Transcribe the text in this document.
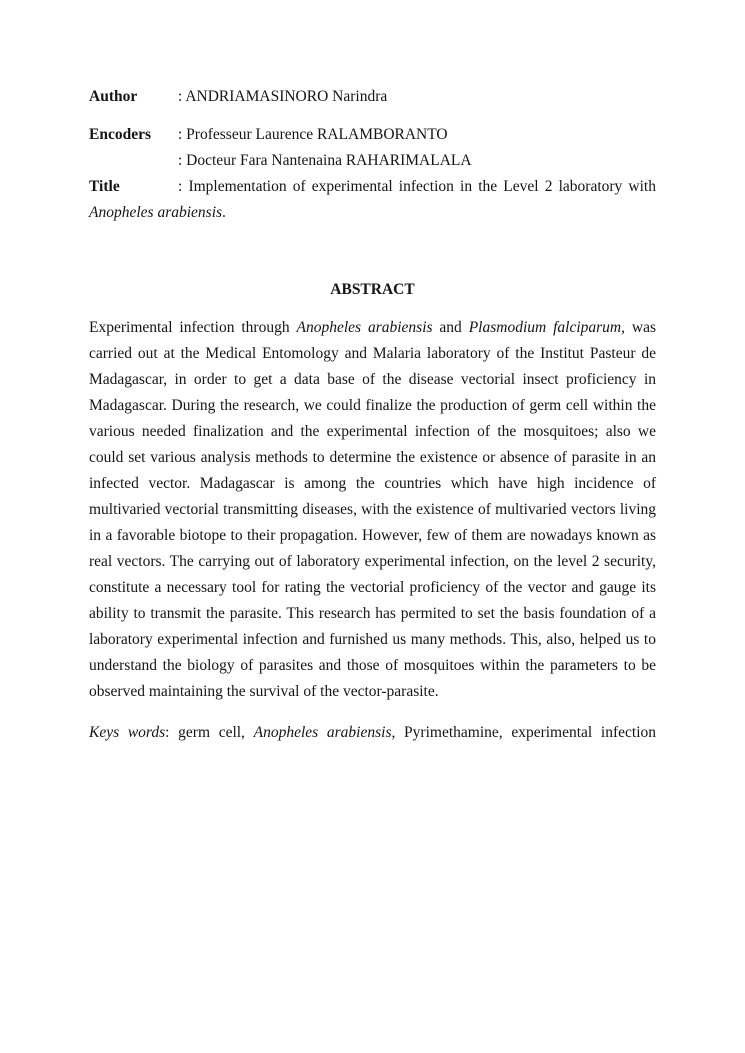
Author	: ANDRIAMASINORO Narindra

Encoders : Professeur Laurence RALAMBORANTO

: Docteur Fara Nantenaina RAHARIMALALA

Title	: Implementation of experimental infection in the Level 2 laboratory with Anopheles arabiensis.

ABSTRACT

Experimental infection through Anopheles arabiensis and Plasmodium falciparum, was carried out at the Medical Entomology and Malaria laboratory of the Institut Pasteur de Madagascar, in order to get a data base of the disease vectorial insect proficiency in Madagascar. During the research, we could finalize the production of germ cell within the various needed finalization and the experimental infection of the mosquitoes; also we could set various analysis methods to determine the existence or absence of parasite in an infected vector. Madagascar is among the countries which have high incidence of multivaried vectorial transmitting diseases, with the existence of multivaried vectors living in a favorable biotope to their propagation. However, few of them are nowadays known as real vectors. The carrying out of laboratory experimental infection, on the level 2 security, constitute a necessary tool for rating the vectorial proficiency of the vector and gauge its ability to transmit the parasite. This research has permited to set the basis foundation of a laboratory experimental infection and furnished us many methods. This, also, helped us to understand the biology of parasites and those of mosquitoes within the parameters to be observed maintaining the survival of the vector-parasite.

Keys words: germ cell, Anopheles arabiensis, Pyrimethamine, experimental infection
